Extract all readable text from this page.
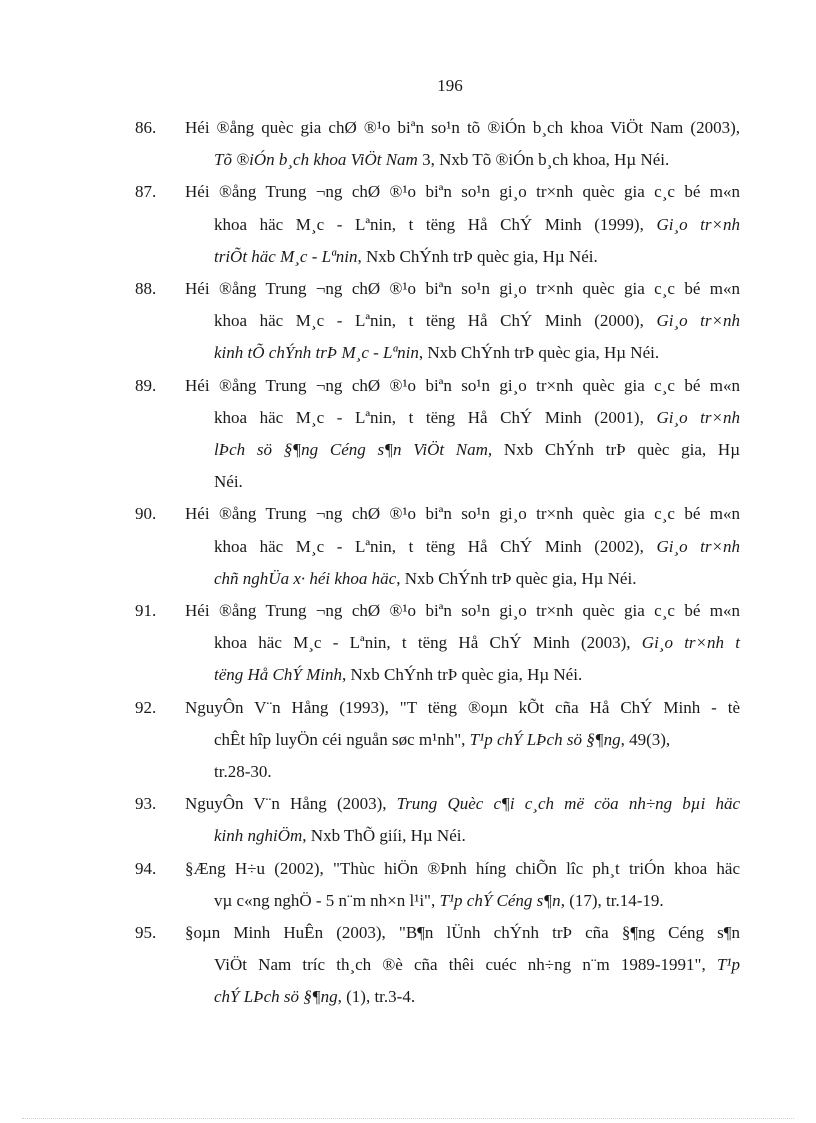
196
86. Héi ®ång quèc gia chØ ®¹o biªn so¹n tõ ®iÓn b¸ch khoa ViÖt Nam (2003),
Tõ ®iÓn b¸ch khoa ViÖt Nam 3, Nxb Tõ ®iÓn b¸ch khoa, Hµ Néi.
87. Héi ®ång Trung ¬ng chØ ®¹o biªn so¹n gi¸o tr×nh quèc gia c¸c bé m«n
khoa häc M¸c - Lªnin, t tëng Hå ChÝ Minh (1999), Gi¸o tr×nh
triÕt häc M¸c - Lªnin, Nxb ChÝnh trÞ quèc gia, Hµ Néi.
88. Héi ®ång Trung ¬ng chØ ®¹o biªn so¹n gi¸o tr×nh quèc gia c¸c bé m«n
khoa häc M¸c - Lªnin, t tëng Hå ChÝ Minh (2000), Gi¸o tr×nh
kinh tÕ chÝnh trÞ M¸c - Lªnin, Nxb ChÝnh trÞ quèc gia, Hµ Néi.
89. Héi ®ång Trung ¬ng chØ ®¹o biªn so¹n gi¸o tr×nh quèc gia c¸c bé m«n
khoa häc M¸c - Lªnin, t tëng Hå ChÝ Minh (2001), Gi¸o tr×nh
lÞch sö §¶ng Céng s¶n ViÖt Nam, Nxb ChÝnh trÞ quèc gia, Hµ
Néi.
90. Héi ®ång Trung ¬ng chØ ®¹o biªn so¹n gi¸o tr×nh quèc gia c¸c bé m«n
khoa häc M¸c - Lªnin, t tëng Hå ChÝ Minh (2002), Gi¸o tr×nh
chñ nghÜa x· héi khoa häc, Nxb ChÝnh trÞ quèc gia, Hµ Néi.
91. Héi ®ång Trung ¬ng chØ ®¹o biªn so¹n gi¸o tr×nh quèc gia c¸c bé m«n
khoa häc M¸c - Lªnin, t tëng Hå ChÝ Minh (2003), Gi¸o tr×nh t
tëng Hå ChÝ Minh, Nxb ChÝnh trÞ quèc gia, Hµ Néi.
92. NguyÔn V¨n Hång (1993), "T tëng ®oµn kÕt cña Hå ChÝ Minh - tè
chÊt hîp luyÖn céi nguån søc m¹nh", T¹p chÝ LÞch sö §¶ng, 49(3),
tr.28-30.
93. NguyÔn V¨n Hång (2003), Trung Quèc c¶i c¸ch më cöa nh÷ng bµi häc
kinh nghiÖm, Nxb ThÕ giíi, Hµ Néi.
94. §Æng H÷u (2002), "Thùc hiÖn ®Þnh híng chiÕn lîc ph¸t triÓn khoa häc
vµ c«ng nghÖ - 5 n¨m nh×n l¹i", T¹p chÝ Céng s¶n, (17), tr.14-19.
95. §oµn Minh HuÊn (2003), "B¶n lÜnh chÝnh trÞ cña §¶ng Céng s¶n
ViÖt Nam tríc th¸ch ®è cña thêi cuéc nh÷ng n¨m 1989-1991", T¹p
chÝ LÞch sö §¶ng, (1), tr.3-4.
